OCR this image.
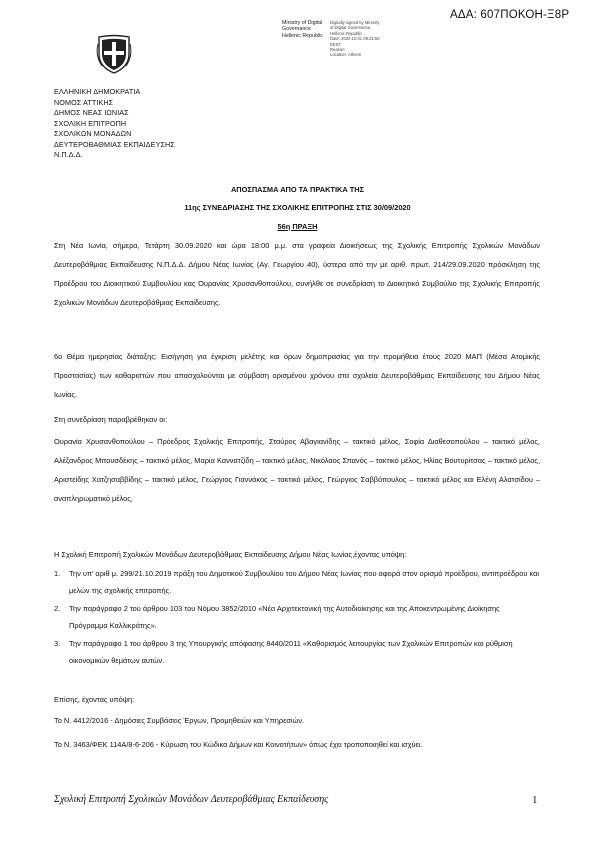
ΑΔΑ: 607ΠΟΚΟΗ-Ξ8Ρ
Ministry of Digital
Governance
Hellenic Republic
Digitally signed by Ministry
of Digital Governance,
Hellenic Republic
Date: 2020.10.01 09:21:55
EEST
Reason:
Location: Athens
ΕΛΛΗΝΙΚΗ ΔΗΜΟΚΡΑΤΙΑ
ΝΟΜΟΣ ΑΤΤΙΚΗΣ
ΔΗΜΟΣ ΝΕΑΣ ΙΩΝΙΑΣ
ΣΧΟΛΙΚΗ ΕΠΙΤΡΟΠΗ
ΣΧΟΛΙΚΩΝ ΜΟΝΑΔΩΝ
ΔΕΥΤΕΡΟΒΑΘΜΙΑΣ ΕΚΠΑΙΔΕΥΣΗΣ
Ν.Π.Δ.Δ.
ΑΠΟΣΠΑΣΜΑ ΑΠΟ ΤΑ ΠΡΑΚΤΙΚΑ ΤΗΣ
11ης ΣΥΝΕΔΡΙΑΣΗΣ ΤΗΣ ΣΧΟΛΙΚΗΣ ΕΠΙΤΡΟΠΗΣ ΣΤΙΣ 30/09/2020
56η ΠΡΑΞΗ
Στη Νέα Ιωνία, σήμερα, Τετάρτη 30.09.2020 και ώρα 18:00 μ.μ. στα γραφεία Διοικήσεως της Σχολικής Επιτροπής Σχολικών Μονάδων Δευτεροβάθμιας Εκπαίδευσης Ν.Π.Δ.Δ. Δήμου Νέας Ιωνίας (Αγ. Γεωργίου 40), ύστερα από την με αριθ. πρωτ. 214/29.09.2020 πρόσκληση της Προέδρου του Διοικητικού Συμβουλίου κας Ουρανίας Χρυσανθοπούλου, συνήλθε σε συνεδρίαση το Διοικητικό Συμβούλιο της Σχολικής Επιτροπής Σχολικών Μονάδων Δευτεροβάθμιας Εκπαίδευσης.
6ο Θέμα ημερησίας διάταξης: Εισήγηση για έγκριση μελέτης και όρων δημοπρασίας για την προμήθεια έτους 2020 ΜΑΠ (Μέσα Ατομικής Προστασίας) των καθαριστών που απασχολούνται με σύμβαση ορισμένου χρόνου στα σχολεία Δευτεροβάθμιας Εκπαίδευσης του Δήμου Νέας Ιωνίας.
Στη συνεδρίαση παραβρέθηκαν οι:
Ουρανία Χρυσανθοπούλου – Πρόεδρος Σχολικής Επιτροπής, Σταύρος Αβαγιανίδης – τακτικό μέλος, Σοφία Διαθεσοπούλου – τακτικό μέλος, Αλέξανδρος Μπουσδέκης – τακτικό μέλος, Μαρία Καννατζίδη – τακτικό μέλος, Νικόλαος Σπανός – τακτικό μέλος, Ηλίας Βουτυρίτσας – τακτικό μέλος, Αριστείδης Χατζησαββίδης – τακτικό μέλος, Γεώργιος Γιαννάκος – τακτικό μέλος, Γεώργιος Σαββόπουλος – τακτικό μέλος και Ελένη Αλατσίδου – αναπληρωματικό μέλος,
Η Σχολική Επιτροπή Σχολικών Μονάδων Δευτεροβάθμιας Εκπαίδευσης Δήμου Νέας Ιωνίας,έχοντας υπόψη:
1. Την υπ' αριθ μ. 299/21.10.2019 πράξη του Δημοτικού Συμβουλίου του Δήμου Νέας Ιωνίας που αφορά στον ορισμό προέδρου, αντιπροέδρου και μελών της σχολικής επιτροπής.
2. Την παράγραφο 2 του άρθρου 103 του Νόμου 3852/2010 «Νέα Αρχιτεκτονική της Αυτοδιοίκησης και της Αποκεντρωμένης Διοίκησης Πρόγραμμα Καλλικράτης».
3. Την παράγραφο 1 του άρθρου 3 της Υπουργικής απόφασης 8440/2011 «Καθορισμός λειτουργίας των Σχολικών Επιτροπών και ρύθμιση οικονομικών θεμάτων αυτών.
Επίσης, έχοντας υπόψη:
Το Ν. 4412/2016 - Δημόσιες Συμβάσεις Έργων, Προμηθειών και Υπηρεσιών.
Το Ν. 3463/ΦΕΚ 114Α/8-6-206 - Κύρωση του Κώδικα Δήμων και Κοινοτήτων» όπως έχει τροποποιηθεί και ισχύει.
Σχολική Επιτροπή Σχολικών Μονάδων Δευτεροβάθμιας Εκπαίδευσης	1
